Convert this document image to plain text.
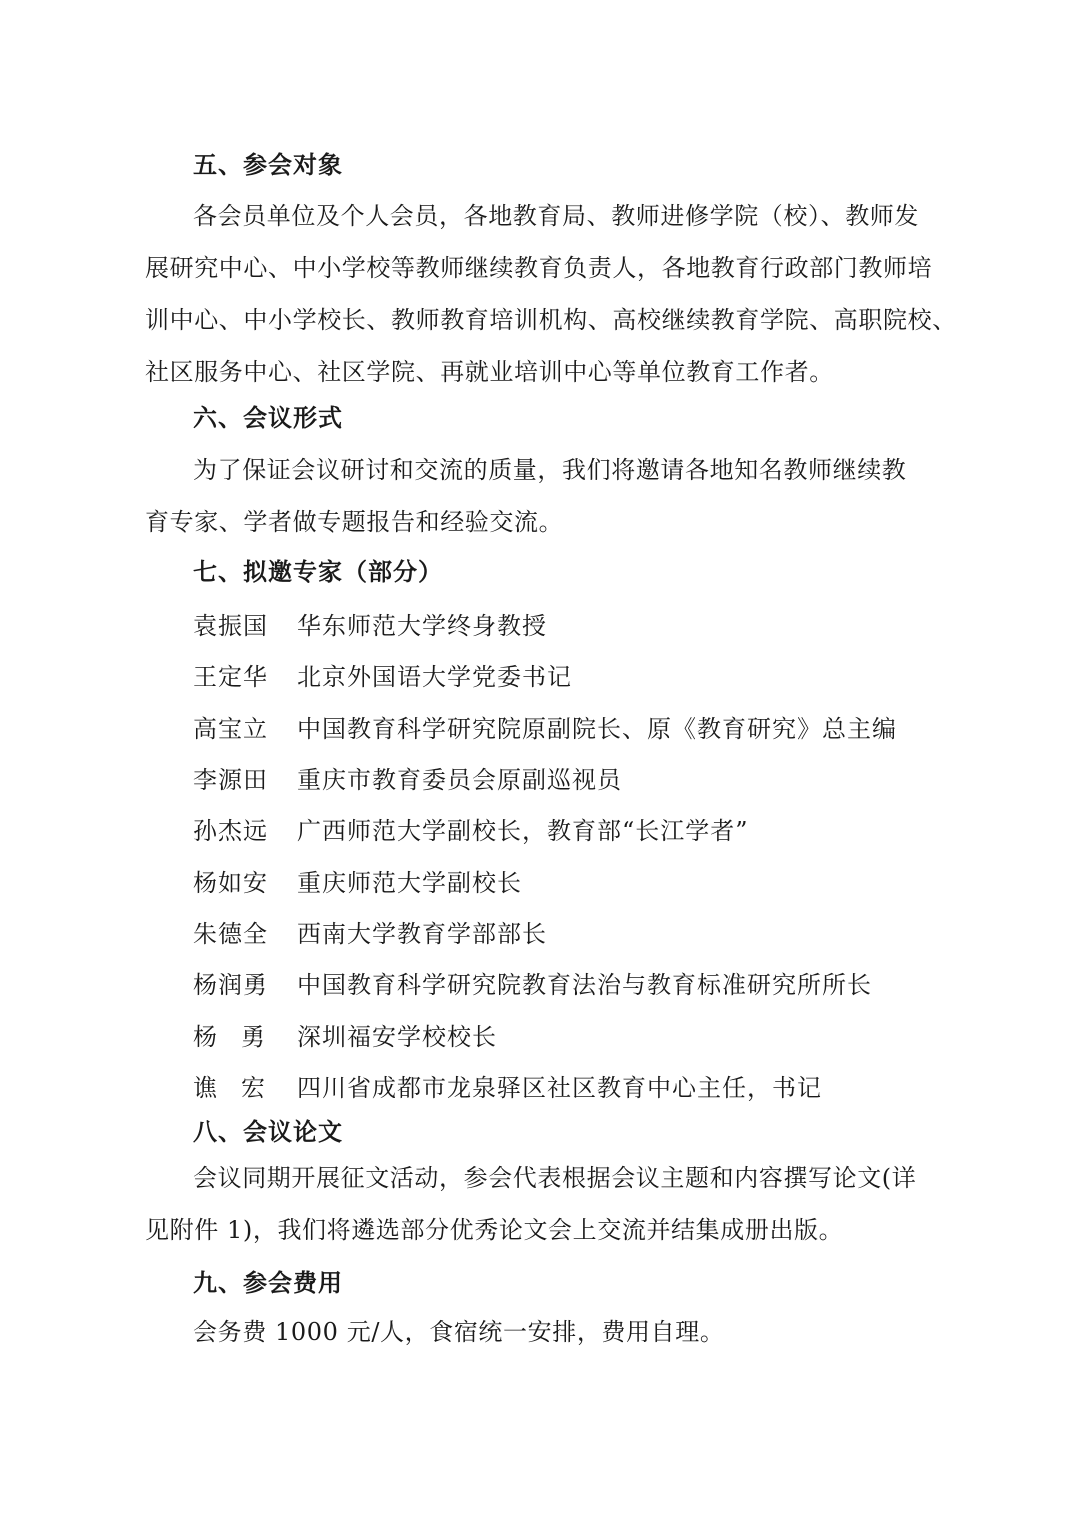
五、参会对象
各会员单位及个人会员，各地教育局、教师进修学院（校）、教师发
展研究中心、中小学校等教师继续教育负责人，各地教育行政部门教师培
训中心、中小学校长、教师教育培训机构、高校继续教育学院、高职院校、
社区服务中心、社区学院、再就业培训中心等单位教育工作者。
六、会议形式
为了保证会议研讨和交流的质量，我们将邀请各地知名教师继续教
育专家、学者做专题报告和经验交流。
七、拟邀专家（部分）
袁振国	华东师范大学终身教授
王定华	北京外国语大学党委书记
高宝立	中国教育科学研究院原副院长、原《教育研究》总主编
李源田	重庆市教育委员会原副巡视员
孙杰远	广西师范大学副校长，教育部“长江学者”
杨如安	重庆师范大学副校长
朱德全	西南大学教育学部部长
杨润勇	中国教育科学研究院教育法治与教育标准研究所所长
杨　勇	深圳福安学校校长
谯　宏	四川省成都市龙泉驿区社区教育中心主任，书记
八、会议论文
会议同期开展征文活动，参会代表根据会议主题和内容撰写论文(详
见附件 1)，我们将遴选部分优秀论文会上交流并结集成册出版。
九、参会费用
会务费 1000 元/人，食宿统一安排，费用自理。
